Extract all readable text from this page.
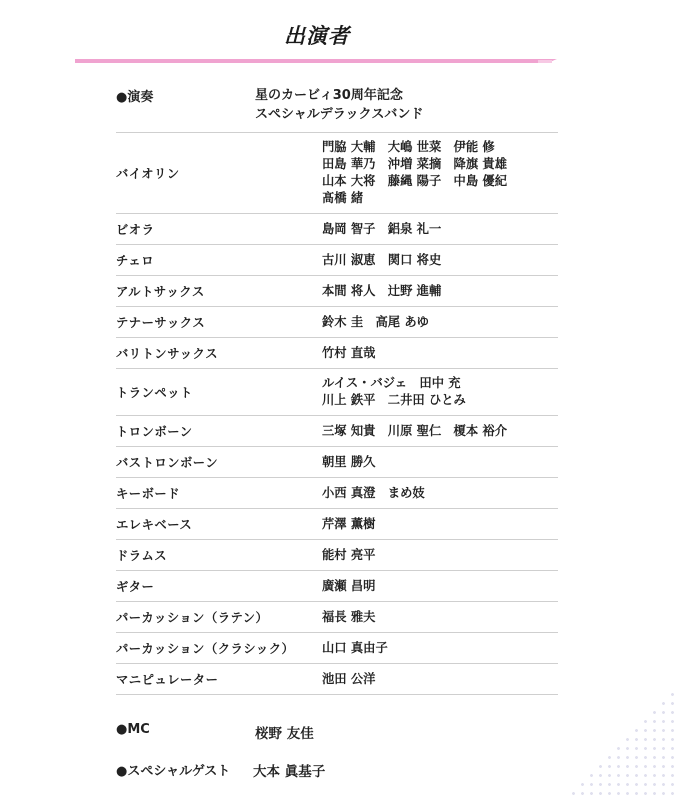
出演者
●演奏	星のカービィ30周年記念
スペシャルデラックスバンド
バイオリン	門脇 大輔　大嶋 世菜　伊能 修
田島 華乃　沖増 菜摘　降旗 貴雄
山本 大将　藤縄 陽子　中島 優紀
髙橋 緒

ビオラ	島岡 智子　鋁泉 礼一

チェロ	古川 淑恵　関口 将史

アルトサックス	本間 将人　辻野 進輔

テナーサックス	鈴木 圭　高尾 あゆ

バリトンサックス	竹村 直哉

トランペット	ルイス・バジェ　田中 充
川上 鉄平　二井田 ひとみ

トロンボーン	三塚 知貴　川原 聖仁　榎本 裕介

バストロンボーン	朝里 勝久

キーボード	小西 真澄　まめ妓

エレキベース	芹澤 薫樹

ドラムス	能村 亮平

ギター	廣瀬 昌明

パーカッション（ラテン）	福長 雅夫

パーカッション（クラシック）	山口 真由子

マニピュレーター	池田 公洋
●MC	桜野 友佳
●スペシャルゲスト 大本 眞基子
